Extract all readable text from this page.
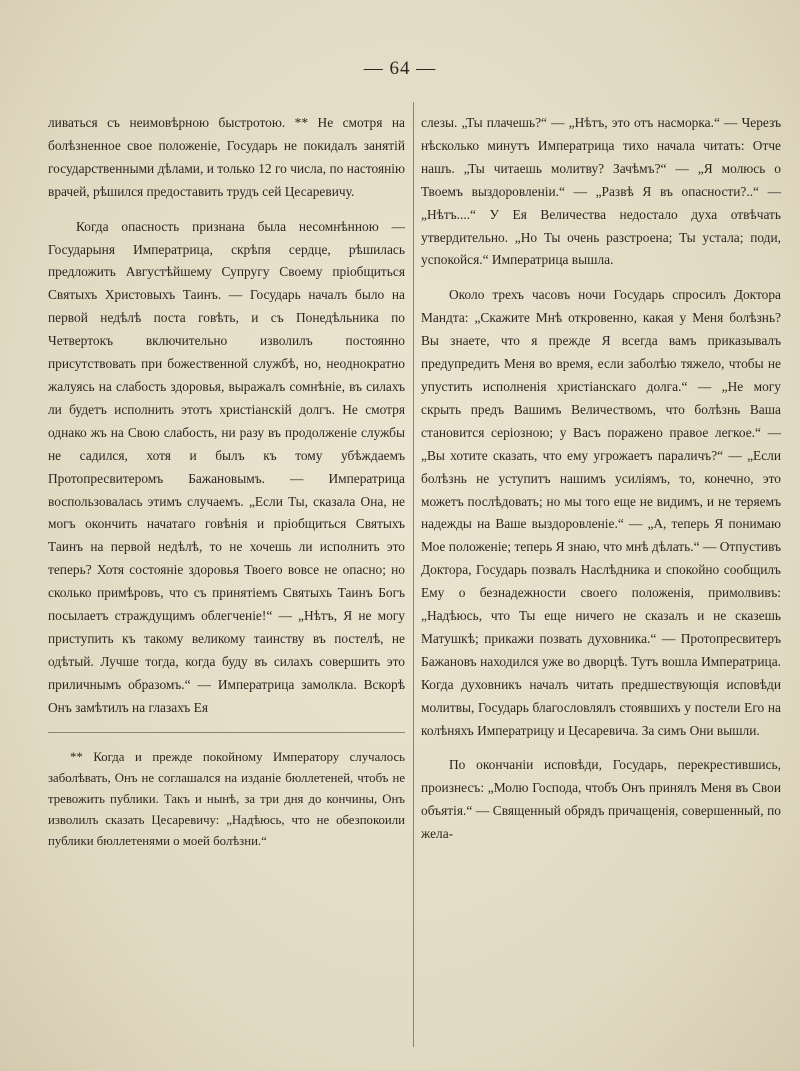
— 64 —

ливаться съ неимовѣрною быстротою. ** Не смотря на болѣзненное свое положеніе, Государь не покидалъ занятій государственными дѣлами, и только 12 го числа, по настоянію врачей, рѣшился предоставить трудъ сей Цесаревичу.

Когда опасность признана была несомнѣнною — Государыня Императрица, скрѣпя сердце, рѣшилась предложить Августѣйшему Супругу Своему пріобщиться Святыхъ Христовыхъ Таинъ. — Государь началъ было на первой недѣлѣ поста говѣть, и съ Понедѣльника по Четвертокъ включительно изволилъ постоянно присутствовать при божественной службѣ, но, неоднократно жалуясь на слабость здоровья, выражалъ сомнѣніе, въ силахъ ли будетъ исполнить этотъ христіанскій долгъ. Не смотря однако жъ на Свою слабость, ни разу въ продолженіе службы не садился, хотя и былъ къ тому убѣждаемъ Протопресвитеромъ Бажановымъ. — Императрица воспользовалась этимъ случаемъ. „Если Ты, сказала Она, не могъ окончить начатаго говѣнія и пріобщиться Святыхъ Таинъ на первой недѣлѣ, то не хочешь ли исполнить это теперь? Хотя состояніе здоровья Твоего вовсе не опасно; но сколько примѣровъ, что съ принятіемъ Святыхъ Таинъ Богъ посылаетъ страждущимъ облегченіе!“ — „Нѣтъ, Я не могу приступить къ такому великому таинству въ постелѣ, не одѣтый. Лучше тогда, когда буду въ силахъ совершить это приличнымъ образомъ.“ — Императрица замолкла. Вскорѣ Онъ замѣтилъ на глазахъ Ея

** Когда и прежде покойному Императору случалось заболѣвать, Онъ не соглашался на изданіе бюллетеней, чтобъ не тревожить публики. Такъ и нынѣ, за три дня до кончины, Онъ изволилъ сказать Цесаревичу: „Надѣюсь, что не обезпокоили публики бюллетенями о моей болѣзни.“

слезы. „Ты плачешь?“ — „Нѣтъ, это отъ насморка.“ — Черезъ нѣсколько минутъ Императрица тихо начала читать: Отче нашъ. „Ты читаешь молитву? Зачѣмъ?“ — „Я молюсь о Твоемъ выздоровленіи.“ — „Развѣ Я въ опасности?..“ — „Нѣтъ....“ У Ея Величества недостало духа отвѣчать утвердительно. „Но Ты очень разстроена; Ты устала; поди, успокойся.“ Императрица вышла.

Около трехъ часовъ ночи Государь спросилъ Доктора Мандта: „Скажите Мнѣ откровенно, какая у Меня болѣзнь? Вы знаете, что я прежде Я всегда вамъ приказывалъ предупредить Меня во время, если заболѣю тяжело, чтобы не упустить исполненія христіанскаго долга.“ — „Не могу скрыть предъ Вашимъ Величествомъ, что болѣзнь Ваша становится серіозною; у Васъ поражено правое легкое.“ — „Вы хотите сказать, что ему угрожаетъ параличъ?“ — „Если болѣзнь не уступитъ нашимъ усиліямъ, то, конечно, это можетъ послѣдовать; но мы того еще не видимъ, и не теряемъ надежды на Ваше выздоровленіе.“ — „А, теперь Я понимаю Мое положеніе; теперь Я знаю, что мнѣ дѣлать.“ — Отпустивъ Доктора, Государь позвалъ Наслѣдника и спокойно сообщилъ Ему о безнадежности своего положенія, примолвивъ: „Надѣюсь, что Ты еще ничего не сказалъ и не сказешь Матушкѣ; прикажи позвать духовника.“ — Протопресвитеръ Бажановъ находился уже во дворцѣ. Тутъ вошла Императрица. Когда духовникъ началъ читать предшествующія исповѣди молитвы, Государь благословлялъ стоявшихъ у постели Его на колѣняхъ Императрицу и Цесаревича. За симъ Они вышли.

По окончаніи исповѣди, Государь, перекрестившись, произнесъ: „Молю Господа, чтобъ Онъ принялъ Меня въ Свои объятія.“ — Священный обрядъ причащенія, совершенный, по жела-
